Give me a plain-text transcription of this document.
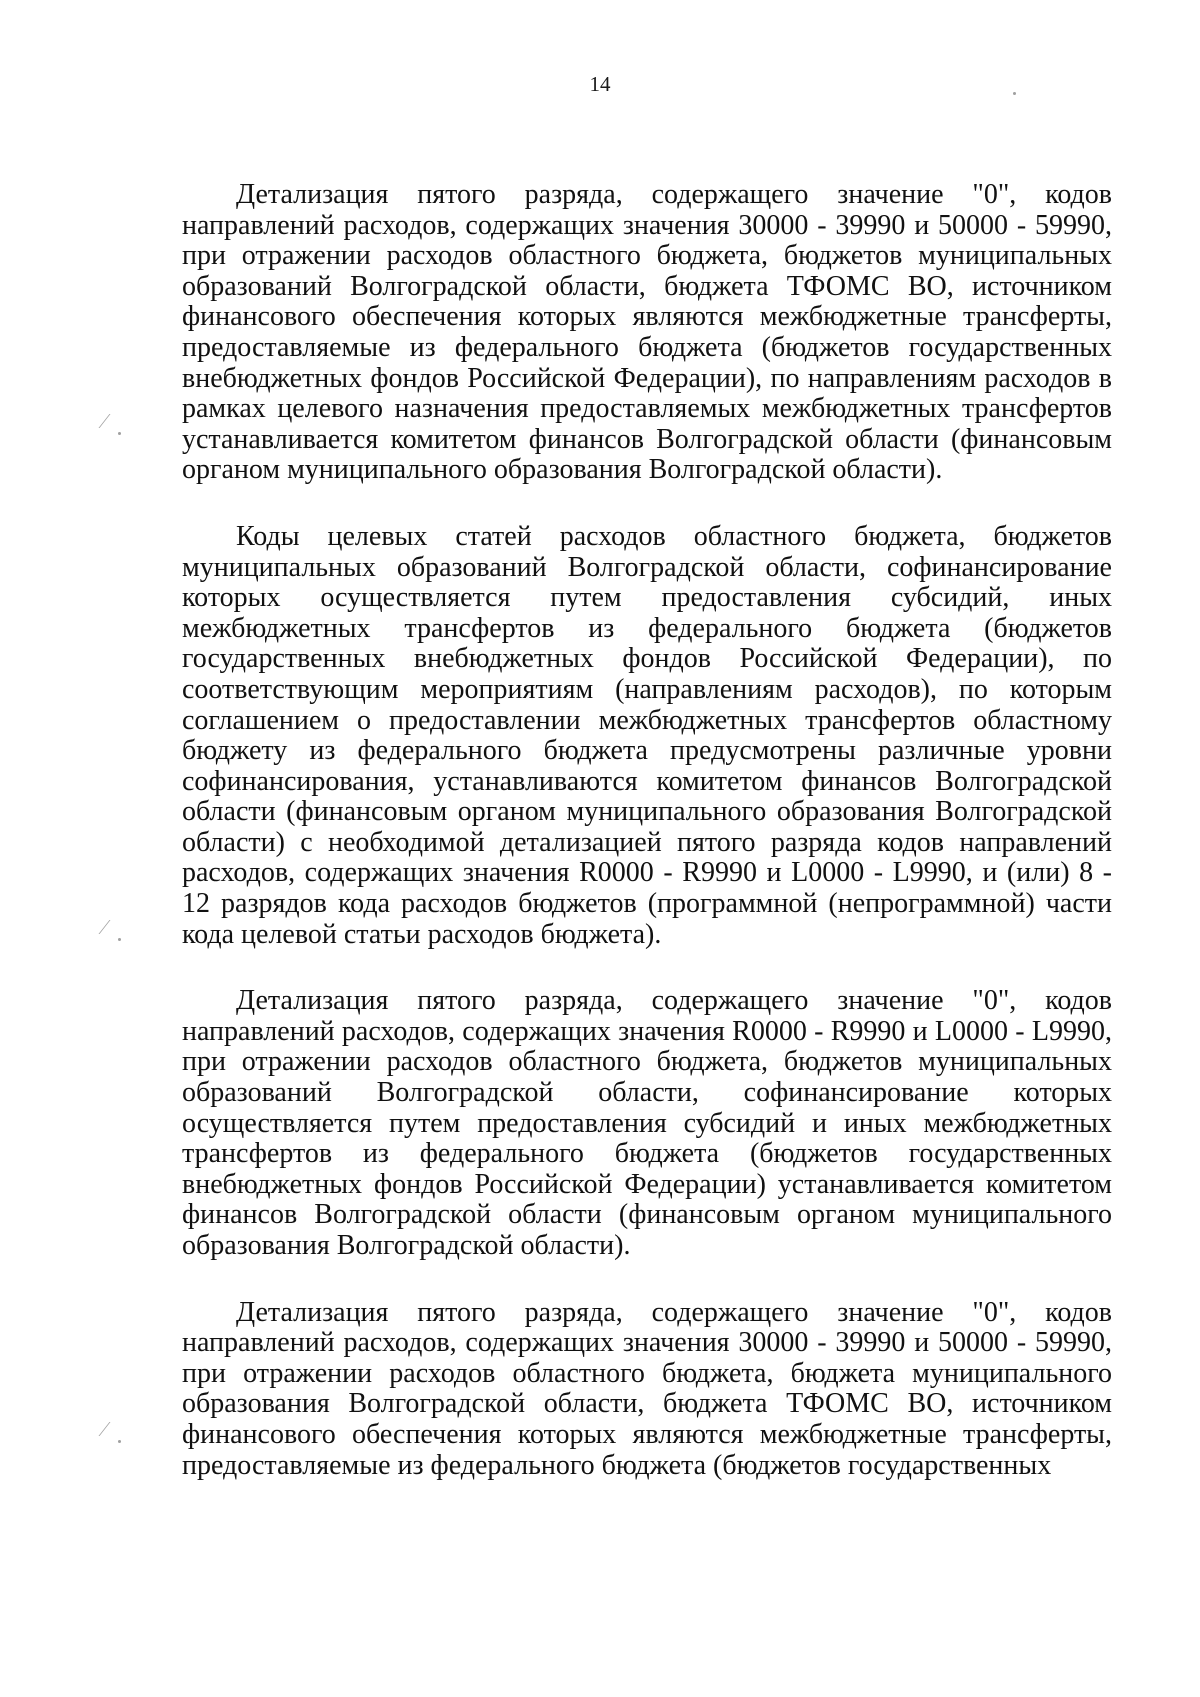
14

Детализация пятого разряда, содержащего значение "0", кодов направлений расходов, содержащих значения 30000 - 39990 и 50000 - 59990, при отражении расходов областного бюджета, бюджетов муниципальных образований Волгоградской области, бюджета ТФОМС ВО, источником финансового обеспечения которых являются межбюджетные трансферты, предоставляемые из федерального бюджета (бюджетов государственных внебюджетных фондов Российской Федерации), по направлениям расходов в рамках целевого назначения предоставляемых межбюджетных трансфертов устанавливается комитетом финансов Волгоградской области (финансовым органом муниципального образования Волгоградской области).

Коды целевых статей расходов областного бюджета, бюджетов муниципальных образований Волгоградской области, софинансирование которых осуществляется путем предоставления субсидий, иных межбюджетных трансфертов из федерального бюджета (бюджетов государственных внебюджетных фондов Российской Федерации), по соответствующим мероприятиям (направлениям расходов), по которым соглашением о предоставлении межбюджетных трансфертов областному бюджету из федерального бюджета предусмотрены различные уровни софинансирования, устанавливаются комитетом финансов Волгоградской области (финансовым органом муниципального образования Волгоградской области) с необходимой детализацией пятого разряда кодов направлений расходов, содержащих значения R0000 - R9990 и L0000 - L9990, и (или) 8 - 12 разрядов кода расходов бюджетов (программной (непрограммной) части кода целевой статьи расходов бюджета).

Детализация пятого разряда, содержащего значение "0", кодов направлений расходов, содержащих значения R0000 - R9990 и L0000 - L9990, при отражении расходов областного бюджета, бюджетов муниципальных образований Волгоградской области, софинансирование которых осуществляется путем предоставления субсидий и иных межбюджетных трансфертов из федерального бюджета (бюджетов государственных внебюджетных фондов Российской Федерации) устанавливается комитетом финансов Волгоградской области (финансовым органом муниципального образования Волгоградской области).

Детализация пятого разряда, содержащего значение "0", кодов направлений расходов, содержащих значения 30000 - 39990 и 50000 - 59990, при отражении расходов областного бюджета, бюджета муниципального образования Волгоградской области, бюджета ТФОМС ВО, источником финансового обеспечения которых являются межбюджетные трансферты, предоставляемые из федерального бюджета (бюджетов государственных
